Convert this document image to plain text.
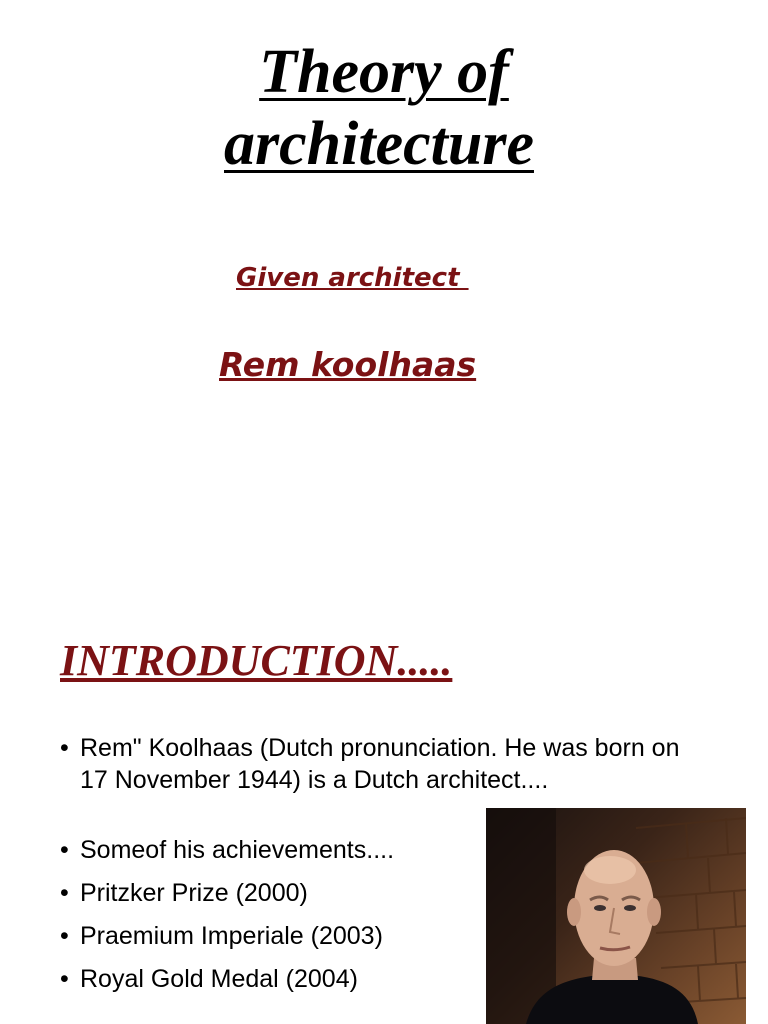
Theory of
architecture

Given architect

Rem koolhaas

INTRODUCTION.....
• Rem" Koolhaas (Dutch pronunciation. He was born on 17 November 1944) is a Dutch architect....
• Someof his achievements....
• Pritzker Prize (2000)
• Praemium Imperiale (2003)
• Royal Gold Medal (2004)
